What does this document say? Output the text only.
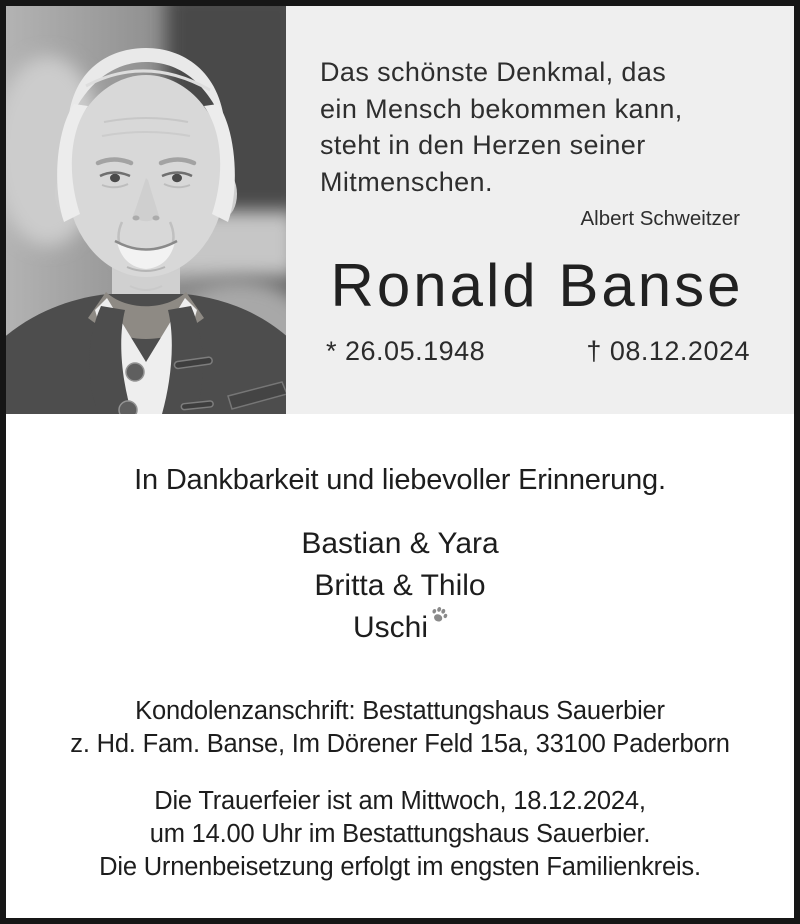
Das schönste Denkmal, das
ein Mensch bekommen kann,
steht in den Herzen seiner
Mitmenschen.
Albert Schweitzer
Ronald Banse
* 26.05.1948	† 08.12.2024
In Dankbarkeit und liebevoller Erinnerung.
Bastian & Yara
Britta & Thilo
Uschi
Kondolenzanschrift: Bestattungshaus Sauerbier
z. Hd. Fam. Banse, Im Dörener Feld 15a, 33100 Paderborn
Die Trauerfeier ist am Mittwoch, 18.12.2024,
um 14.00 Uhr im Bestattungshaus Sauerbier.
Die Urnenbeisetzung erfolgt im engsten Familienkreis.
